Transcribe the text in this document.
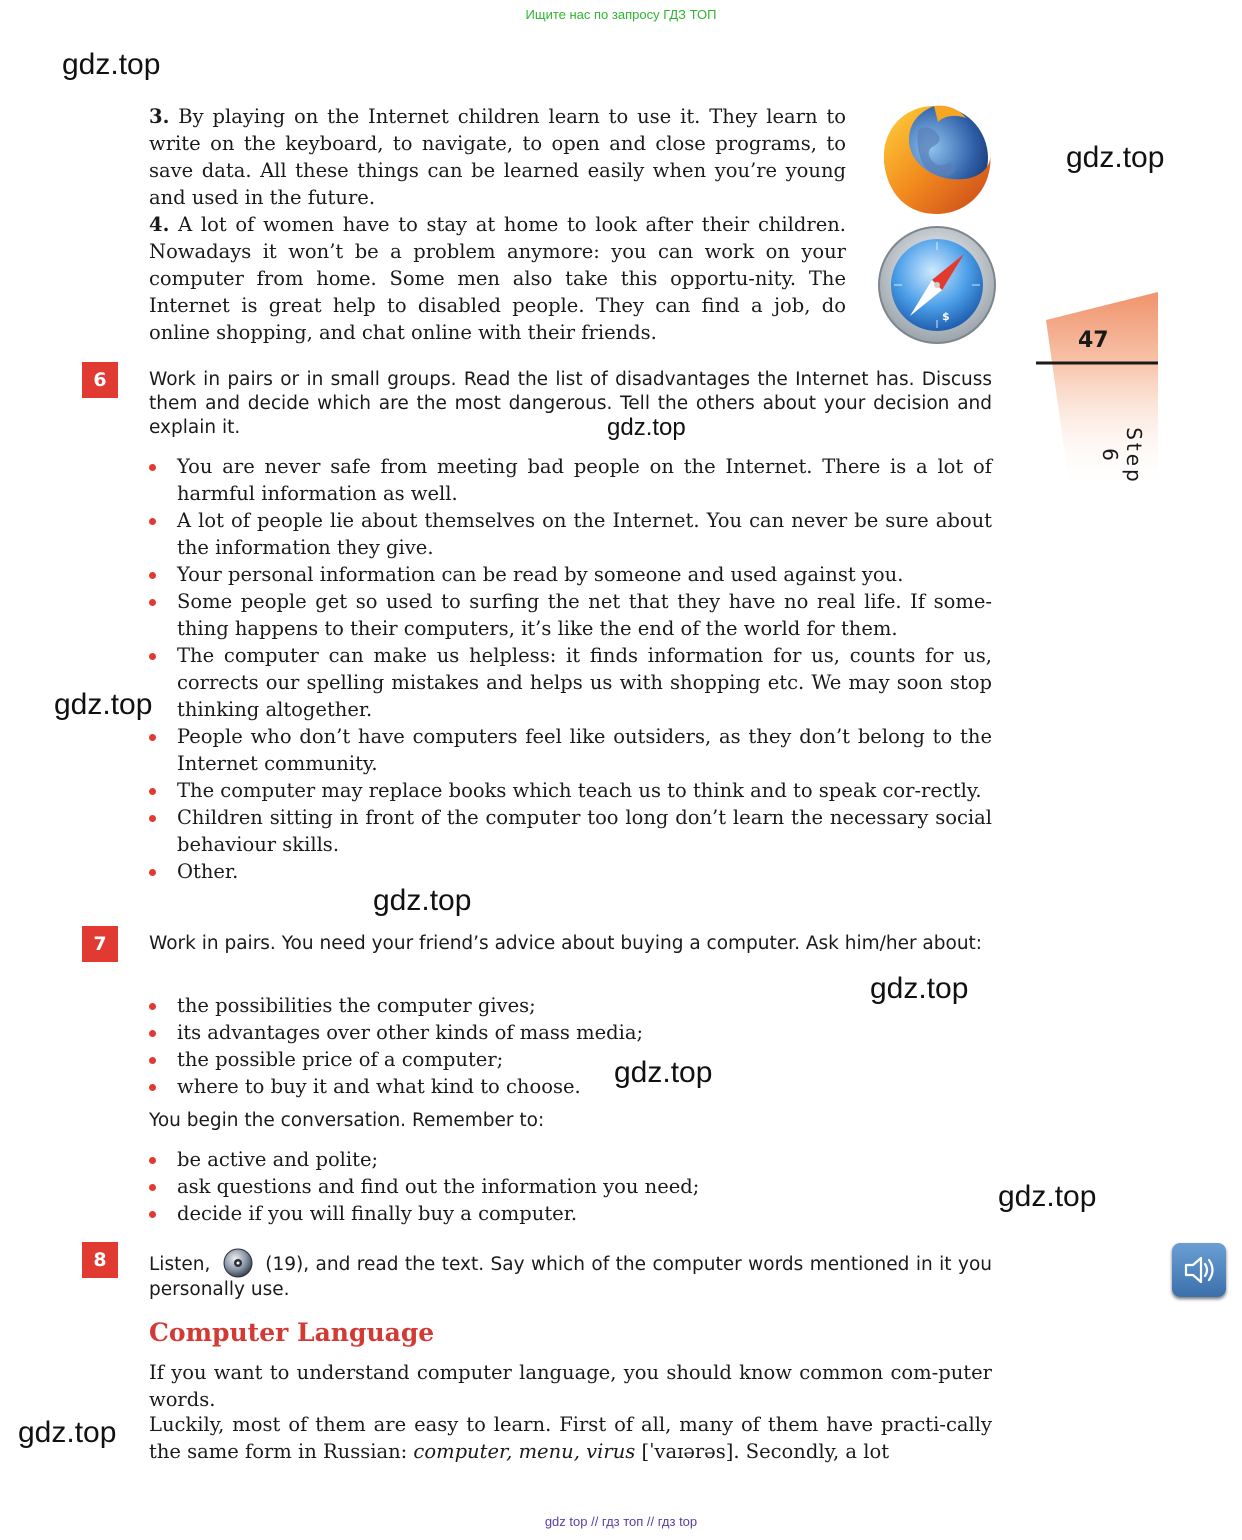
Ищите нас по запросу ГДЗ ТОП
gdz.top
gdz.top
gdz.top
gdz.top
gdz.top
gdz.top
gdz.top
gdz.top
gdz.top

3. By playing on the Internet children learn to use it. They learn to write on the keyboard, to navigate, to open and close programs, to save data. All these things can be learned easily when you’re young and used in the future.

4. A lot of women have to stay at home to look after their children. Nowadays it won’t be a problem anymore: you can work on your computer from home. Some men also take this opportu-nity. The Internet is great help to disabled people. They can find a job, do online shopping, and chat online with their friends.

$
47
Step 6
6	Work in pairs or in small groups. Read the list of disadvantages the Internet has. Discuss them and decide which are the most dangerous. Tell the others about your decision and explain it.

You are never safe from meeting bad people on the Internet. There is a lot of harmful information as well.
A lot of people lie about themselves on the Internet. You can never be sure about the information they give.
Your personal information can be read by someone and used against you.
Some people get so used to surfing the net that they have no real life. If some-thing happens to their computers, it’s like the end of the world for them.
The computer can make us helpless: it finds information for us, counts for us, corrects our spelling mistakes and helps us with shopping etc. We may soon stop thinking altogether.
People who don’t have computers feel like outsiders, as they don’t belong to the Internet community.
The computer may replace books which teach us to think and to speak cor-rectly.
Children sitting in front of the computer too long don’t learn the necessary social behaviour skills.
Other.
7	Work in pairs. You need your friend’s advice about buying a computer. Ask him/her about:

the possibilities the computer gives;
its advantages over other kinds of mass media;
the possible price of a computer;
where to buy it and what kind to choose.

You begin the conversation. Remember to:

be active and polite;
ask questions and find out the information you need;
decide if you will finally buy a computer.
8	Listen,	(19), and read the text. Say which of the computer words mentioned in it you personally use.

Computer Language

If you want to understand computer language, you should know common com-puter words.

Luckily, most of them are easy to learn. First of all, many of them have practi-cally the same form in Russian: computer, menu, virus [ˈvaɪərəs]. Secondly, a lot

gdz top // гдз топ // гдз top
